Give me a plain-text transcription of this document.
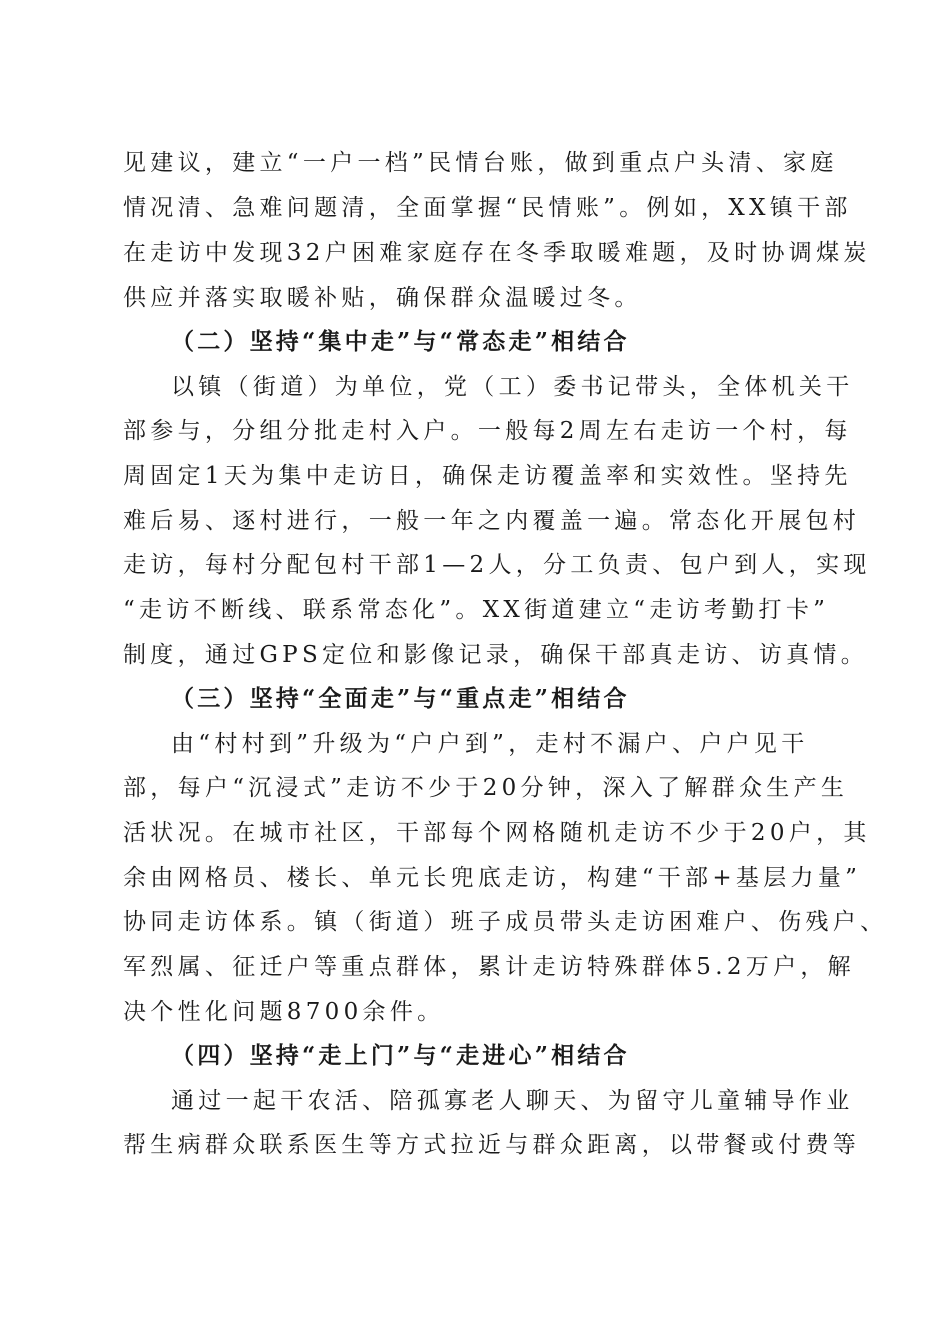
见建议，建立“一户一档”民情台账，做到重点户头清、家庭

情况清、急难问题清，全面掌握“民情账”。例如，XX镇干部

在走访中发现32户困难家庭存在冬季取暖难题，及时协调煤炭

供应并落实取暖补贴，确保群众温暖过冬。

（二）坚持“集中走”与“常态走”相结合

以镇（街道）为单位，党（工）委书记带头，全体机关干

部参与，分组分批走村入户。一般每2周左右走访一个村，每

周固定1天为集中走访日，确保走访覆盖率和实效性。坚持先

难后易、逐村进行，一般一年之内覆盖一遍。常态化开展包村

走访，每村分配包村干部1—2人，分工负责、包户到人，实现

“走访不断线、联系常态化”。XX街道建立“走访考勤打卡”

制度，通过GPS定位和影像记录，确保干部真走访、访真情。

（三）坚持“全面走”与“重点走”相结合

由“村村到”升级为“户户到”，走村不漏户、户户见干

部，每户“沉浸式”走访不少于20分钟，深入了解群众生产生

活状况。在城市社区，干部每个网格随机走访不少于20户，其

余由网格员、楼长、单元长兜底走访，构建“干部+基层力量”

协同走访体系。镇（街道）班子成员带头走访困难户、伤残户、

军烈属、征迁户等重点群体，累计走访特殊群体5.2万户，解

决个性化问题8700余件。

（四）坚持“走上门”与“走进心”相结合

通过一起干农活、陪孤寡老人聊天、为留守儿童辅导作业

帮生病群众联系医生等方式拉近与群众距离，以带餐或付费等
